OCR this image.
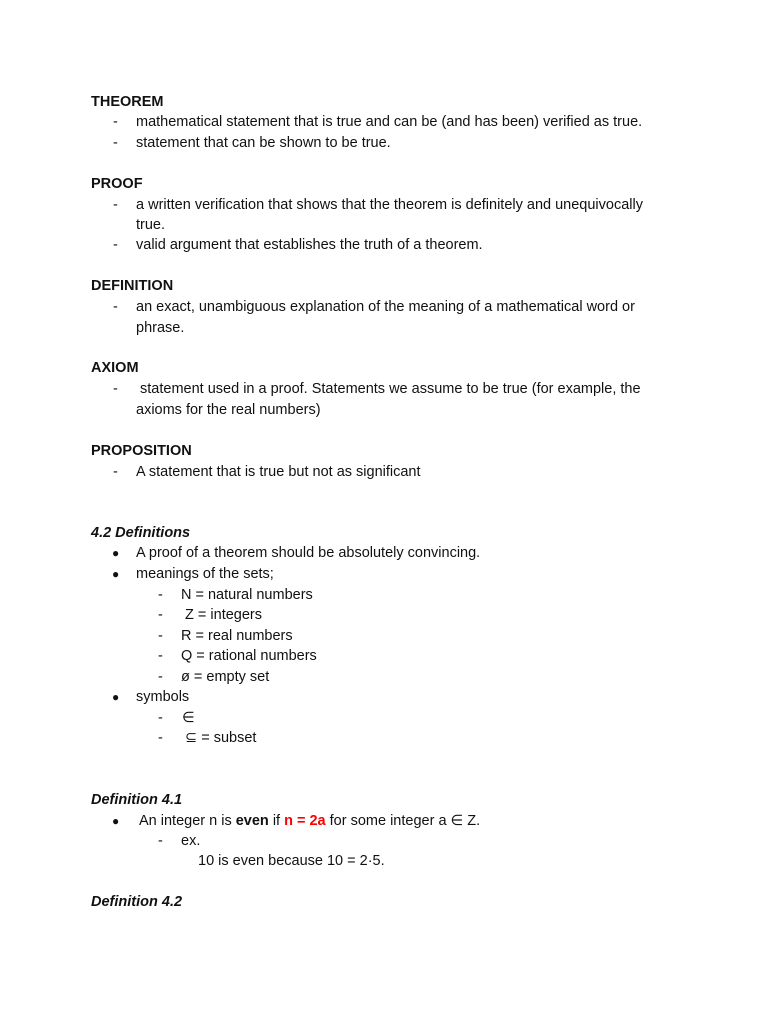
THEOREM
- mathematical statement that is true and can be (and has been) verified as true.
- statement that can be shown to be true.
PROOF
- a written verification that shows that the theorem is definitely and unequivocally
true.
- valid argument that establishes the truth of a theorem.
DEFINITION
- an exact, unambiguous explanation of the meaning of a mathematical word or
phrase.
AXIOM
- statement used in a proof. Statements we assume to be true (for example, the
axioms for the real numbers)
PROPOSITION
- A statement that is true but not as significant
4.2 Definitions
● A proof of a theorem should be absolutely convincing.
● meanings of the sets;
- N = natural numbers
- Z = integers
- R = real numbers
- Q = rational numbers
- ø = empty set
● symbols
- ∈
- ⊆ = subset
Definition 4.1
● An integer n is even if n = 2a for some integer a ∈ Z.
- ex.
10 is even because 10 = 2·5.
Definition 4.2
